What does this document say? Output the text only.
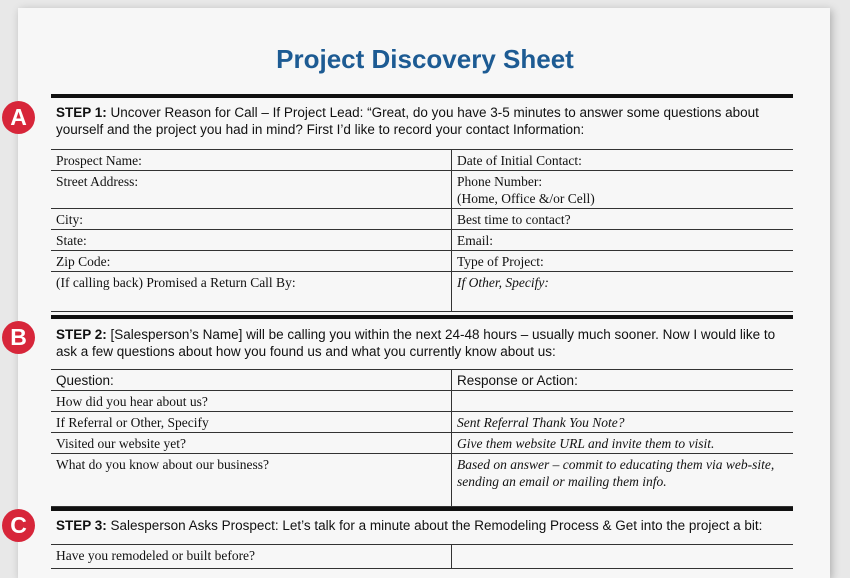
Project Discovery Sheet
A	STEP 1: Uncover Reason for Call – If Project Lead: “Great, do you have 3-5 minutes to answer some questions about yourself and the project you had in mind? First I’d like to record your contact Information:
Prospect Name:	Date of Initial Contact:
Street Address:	Phone Number:
(Home, Office &/or Cell)

City:	Best time to contact?
State:	Email:
Zip Code:	Type of Project:
(If calling back) Promised a Return Call By:	If Other, Specify:
B	STEP 2: [Salesperson’s Name] will be calling you within the next 24-48 hours – usually much sooner. Now I would like to ask a few questions about how you found us and what you currently know about us:
Question:	Response or Action:
How did you hear about us?	
If Referral or Other, Specify	Sent Referral Thank You Note?
Visited our website yet?	Give them website URL and invite them to visit.
What do you know about our business?	Based on answer – commit to educating them via web-site, sending an email or mailing them info.
C	STEP 3: Salesperson Asks Prospect: Let’s talk for a minute about the Remodeling Process & Get into the project a bit:
Have you remodeled or built before?	
